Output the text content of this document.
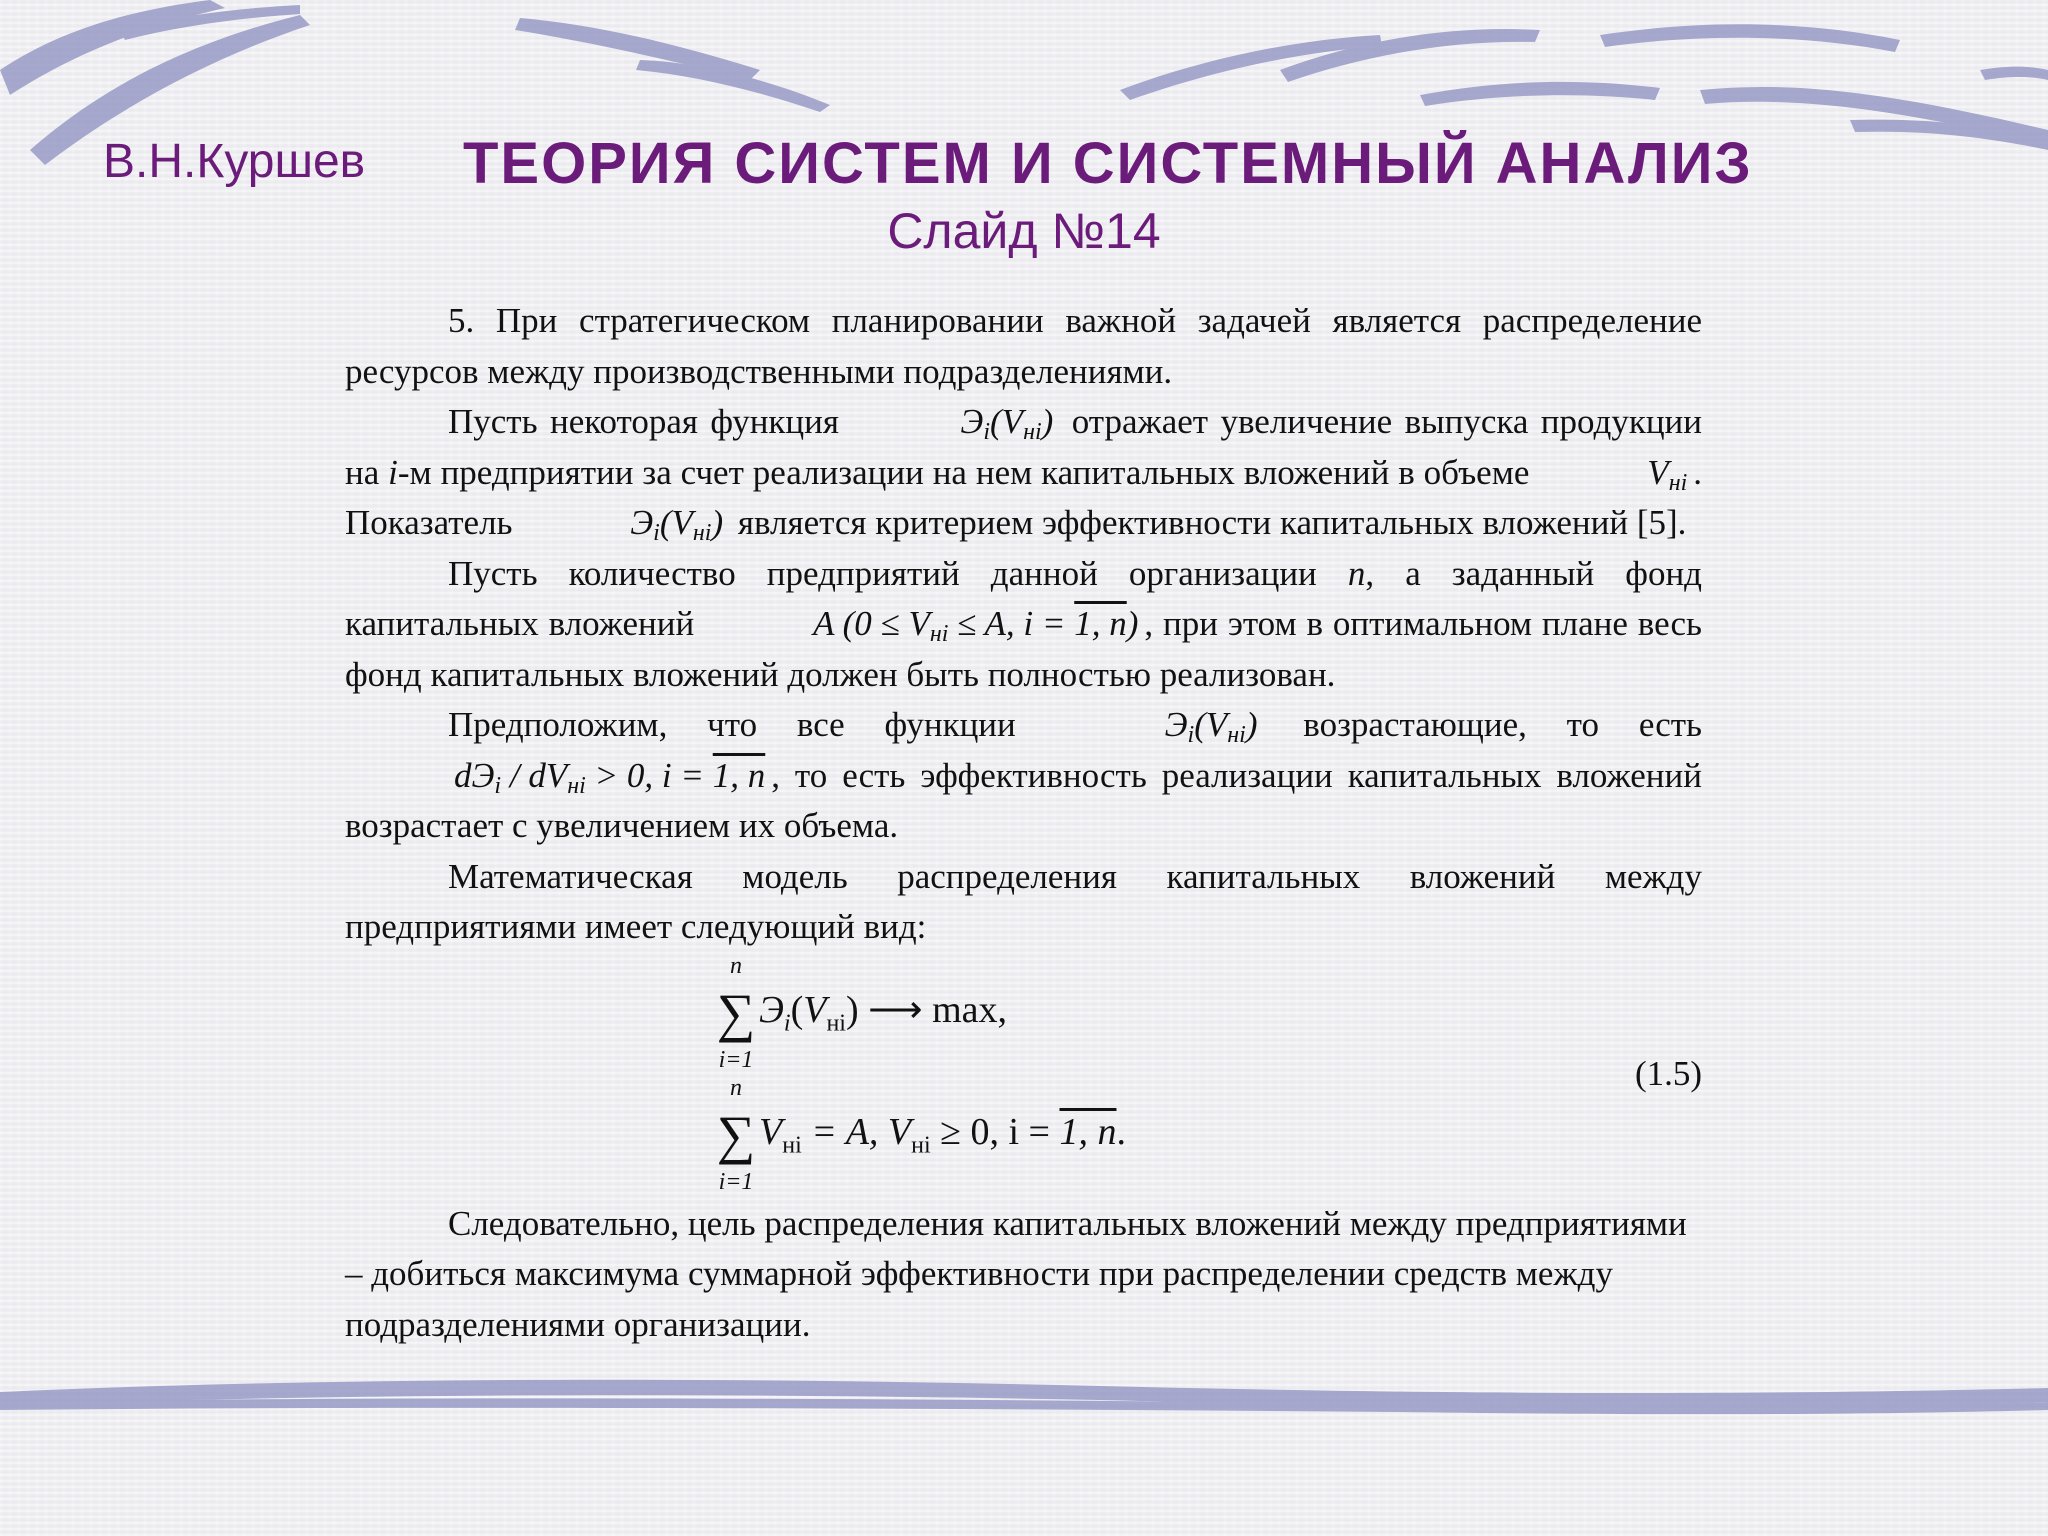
В.Н.Куршев ТЕОРИЯ СИСТЕМ И СИСТЕМНЫЙ АНАЛИЗ
Слайд №14

5. При стратегическом планировании важной задачей является распределение ресурсов между производственными подразделениями.

Пусть некоторая функция	$Э_i(V_{нi})$ отражает увеличение выпуска продукции на i-м предприятии за счет реализации на нем капитальных вложений в объеме	$V_{нi}$ . Показатель	$Э_i(V_{нi})$ является критерием эффективности капитальных вложений [5].

Пусть количество предприятий данной организации n, а заданный фонд капитальных вложений	A ($0 \le V_{нi} \le A$, i = 1, n) , при этом в оптимальном плане весь фонд капитальных вложений должен быть полностью реализован.

Предположим, что все функции	$Э_i(V_{нi})$ возрастающие, то есть $dЭ_i / dV_{нi} > 0$, i = 1, n , то есть эффективность реализации капитальных вложений возрастает с увеличением их объема.

Математическая модель распределения капитальных вложений между предприятиями имеет следующий вид:

n
∑
i=1
$Э_i(V_{нi})$ ⟶ max,
(1.5)
n
∑
i=1
$V_{нi} = A$, $V_{нi} \ge 0$, i = 1, n.

Следовательно, цель распределения капитальных вложений между предприятиями – добиться максимума суммарной эффективности при распределении средств между подразделениями организации.
